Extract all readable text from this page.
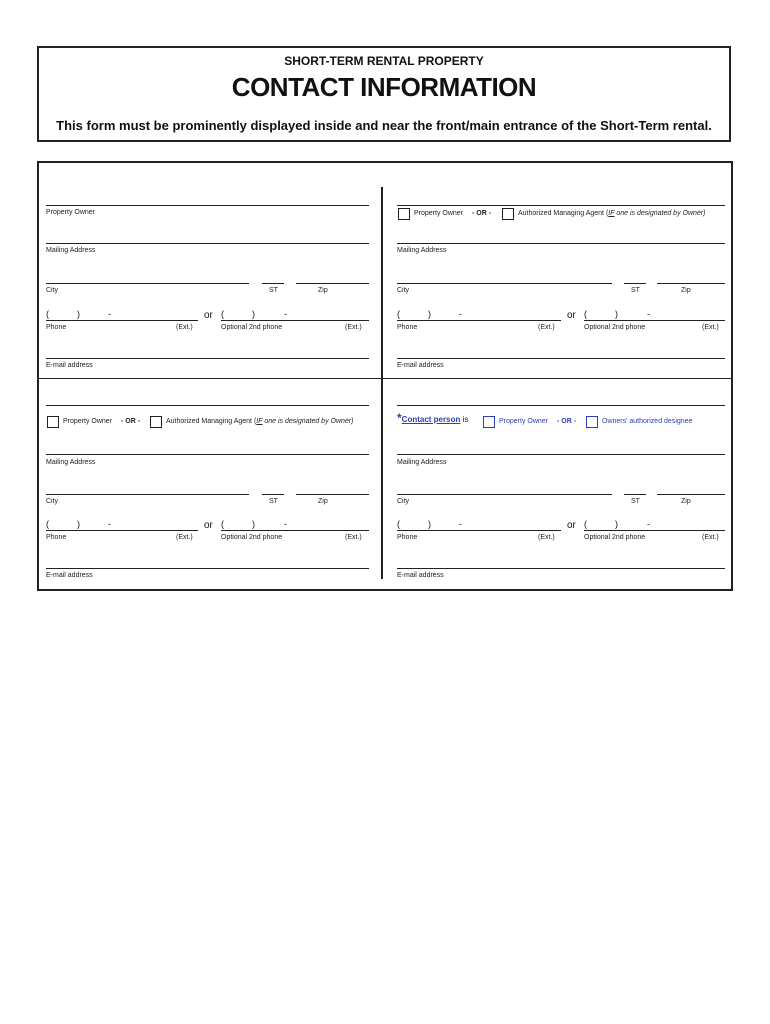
SHORT-TERM RENTAL PROPERTY
CONTACT INFORMATION
This form must be prominently displayed inside and near the front/main entrance of the Short-Term rental.
Property Owner
Mailing Address
City	ST	Zip
(	)	-	or (	)	-
Phone	(Ext.)	Optional 2nd phone	(Ext.)
E-mail address
Property Owner - OR -	Authorized Managing Agent (IF one is designated by Owner)
Mailing Address
City	ST	Zip
(	)	-	or (	)	-
Phone	(Ext.)	Optional 2nd phone	(Ext.)
E-mail address
Property Owner - OR -	Authorized Managing Agent (IF one is designated by Owner)
Mailing Address
City	ST	Zip
(	)	-	or (	)	-
Phone	(Ext.)	Optional 2nd phone	(Ext.)
E-mail address
*Contact person is	Property Owner - OR -	Owners' authorized designee
Mailing Address
City	ST	Zip
(	)	-	or (	)	-
Phone	(Ext.)	Optional 2nd phone	(Ext.)
E-mail address
